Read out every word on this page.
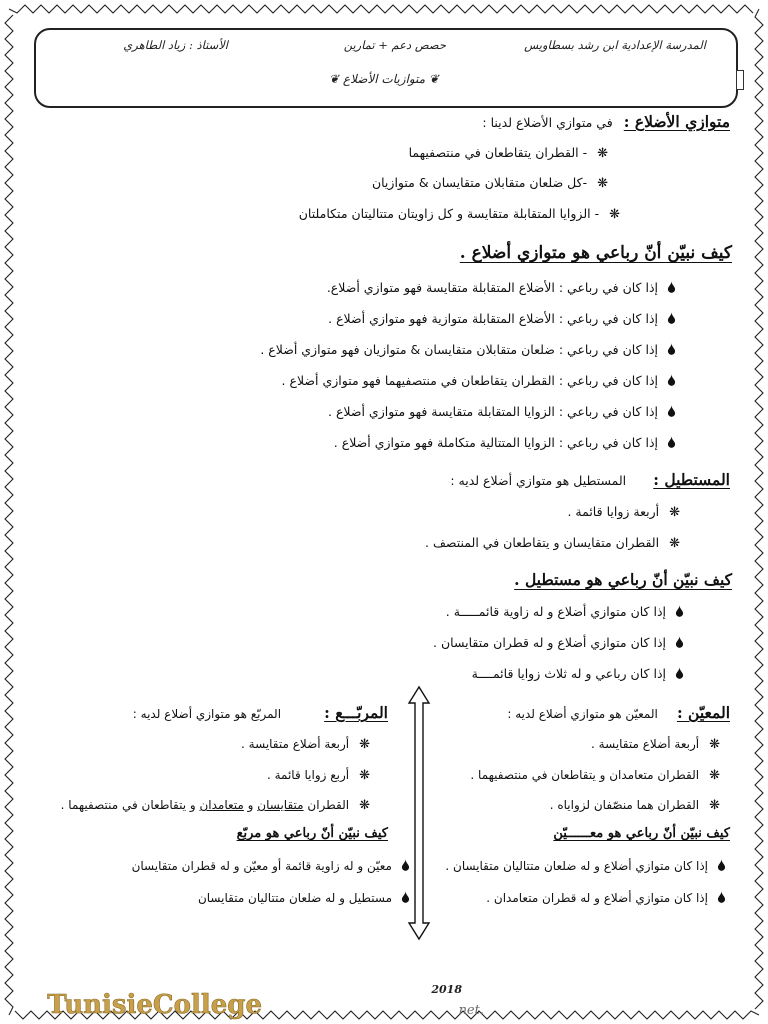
المدرسة الإعدادية ابن رشد بسطاويس
حصص دعم + تمارين
الأستاذ : زياد الطاهري
❦ متوازيات الأضلاع ❦
متوازي الأضلاع : في متوازي الأضلاع لدينا :
❋- القطران يتقاطعان في منتصفيهما
❋-كل ضلعان متقابلان متقايسان & متوازيان
❋- الزوايا المتقابلة متقايسة و كل زاويتان متتاليتان متكاملتان
كيف نبيّن أنّ رباعي هو متوازي أضلاع .
إذا كان في رباعي : الأضلاع المتقابلة متقايسة فهو متوازي أضلاع.
إذا كان في رباعي : الأضلاع المتقابلة متوازية فهو متوازي أضلاع .
إذا كان في رباعي : ضلعان متقابلان متقايسان & متوازيان فهو متوازي أضلاع .
إذا كان في رباعي : القطران يتقاطعان في منتصفيهما فهو متوازي أضلاع .
إذا كان في رباعي : الزوايا المتقابلة متقايسة فهو متوازي أضلاع .
إذا كان في رباعي : الزوايا المتتالية متكاملة فهو متوازي أضلاع .
المستطيل : المستطيل هو متوازي أضلاع لديه :
❋أربعة زوايا قائمة .
❋القطران متقايسان و يتقاطعان في المنتصف .
كيف نبيّن أنّ رباعي هو مستطيل .
إذا كان متوازي أضلاع و له زاوية قائمـــــة .
إذا كان متوازي أضلاع و له قطران متقايسان .
إذا كان رباعي و له ثلاث زوايا قائمــــة
المعيّن : المعيّن هو متوازي أضلاع لديه :
❋أربعة أضلاع متقايسة .
❋القطران متعامدان و يتقاطعان في منتصفيهما .
❋القطران هما منصّفان لزواياه .
كيف نبيّن أنّ رباعي هو معــــــيّن
إذا كان متوازي أضلاع و له ضلعان متتاليان متقايسان .
إذا كان متوازي أضلاع و له قطران متعامدان .
المربّـــع : المربّع هو متوازي أضلاع لديه :
❋أربعة أضلاع متقايسة .
❋أربع زوايا قائمة .
❋القطران متقايسان و متعامدان و يتقاطعان في منتصفيهما .
كيف نبيّن أنّ رباعي هو مربّع
معيّن و له زاوية قائمة أو معيّن و له قطران متقايسان
مستطيل و له ضلعان متتاليان متقايسان
2018
TunisieCollege	.net
